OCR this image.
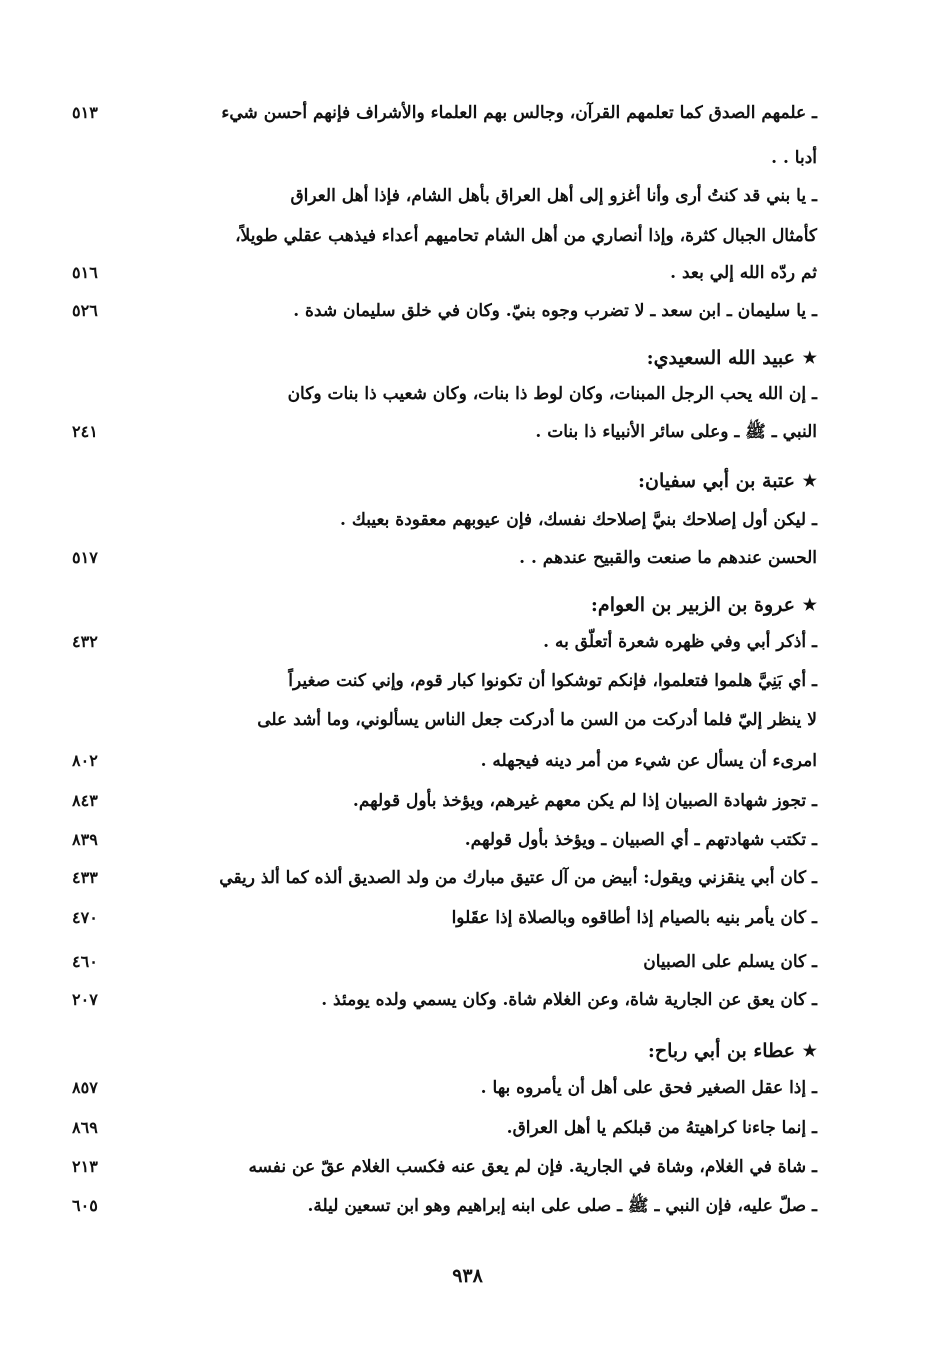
ـ علمهم الصدق كما تعلمهم القرآن، وجالس بهم العلماء والأشراف فإنهم أحسن شيء
٥١٣
أدبا . .
ـ يا بني قد كنتُ أرى وأنا أغزو إلى أهل العراق بأهل الشام، فإذا أهل العراق
كأمثال الجبال كثرة، وإذا أنصاري من أهل الشام تحاميهم أعداء فيذهب عقلي طويلاً،
ثم ردّه الله إلي بعد .
٥١٦
ـ يا سليمان ـ ابن سعد ـ لا تضرب وجوه بنيّ. وكان في خلق سليمان شدة .
٥٢٦
★
عبيد الله السعيدي:
ـ إن الله يحب الرجل المبنات، وكان لوط ذا بنات، وكان شعيب ذا بنات وكان
النبي ـ ﷺ ـ وعلى سائر الأنبياء ذا بنات .
٢٤١
★
عتبة بن أبي سفيان:
ـ ليكن أول إصلاحك بنيَّ إصلاحك نفسك، فإن عيوبهم معقودة بعيبك .
الحسن عندهم ما صنعت والقبيح عندهم . .
٥١٧
★
عروة بن الزبير بن العوام:
ـ أذكر أبي وفي ظهره شعرة أتعلّق به .
٤٣٢
ـ أي بَنِيَّ هلموا فتعلموا، فإنكم توشكوا أن تكونوا كبار قوم، وإني كنت صغيراً
لا ينظر إليّ فلما أدركت من السن ما أدركت جعل الناس يسألوني، وما أشد على
امرىء أن يسأل عن شيء من أمر دينه فيجهله .
٨٠٢
ـ تجوز شهادة الصبيان إذا لم يكن معهم غيرهم، ويؤخذ بأول قولهم.
٨٤٣
ـ تكتب شهادتهم ـ أي الصبيان ـ ويؤخذ بأول قولهم.
٨٣٩
ـ كان أبي ينقزني ويقول: أبيض من آل عتيق مبارك من ولد الصديق ألذه كما ألذ ريقي
٤٣٣
ـ كان يأمر بنيه بالصيام إذا أطاقوه وبالصلاة إذا عقَلوا
٤٧٠
ـ كان يسلم على الصبيان
٤٦٠
ـ كان يعق عن الجارية شاة، وعن الغلام شاة. وكان يسمي ولده يومئذ .
٢٠٧
★
عطاء بن أبي رباح:
ـ إذا عقل الصغير فحق على أهل أن يأمروه بها .
٨٥٧
ـ إنما جاءنا كراهيتهُ من قبلكم يا أهل العراق.
٨٦٩
ـ شاة في الغلام، وشاة في الجارية. فإن لم يعق عنه فكسب الغلام عقّ عن نفسه
٢١٣
ـ صلّ عليه، فإن النبي ـ ﷺ ـ صلى على ابنه إبراهيم وهو ابن تسعين ليلة.
٦٠٥
٩٣٨
